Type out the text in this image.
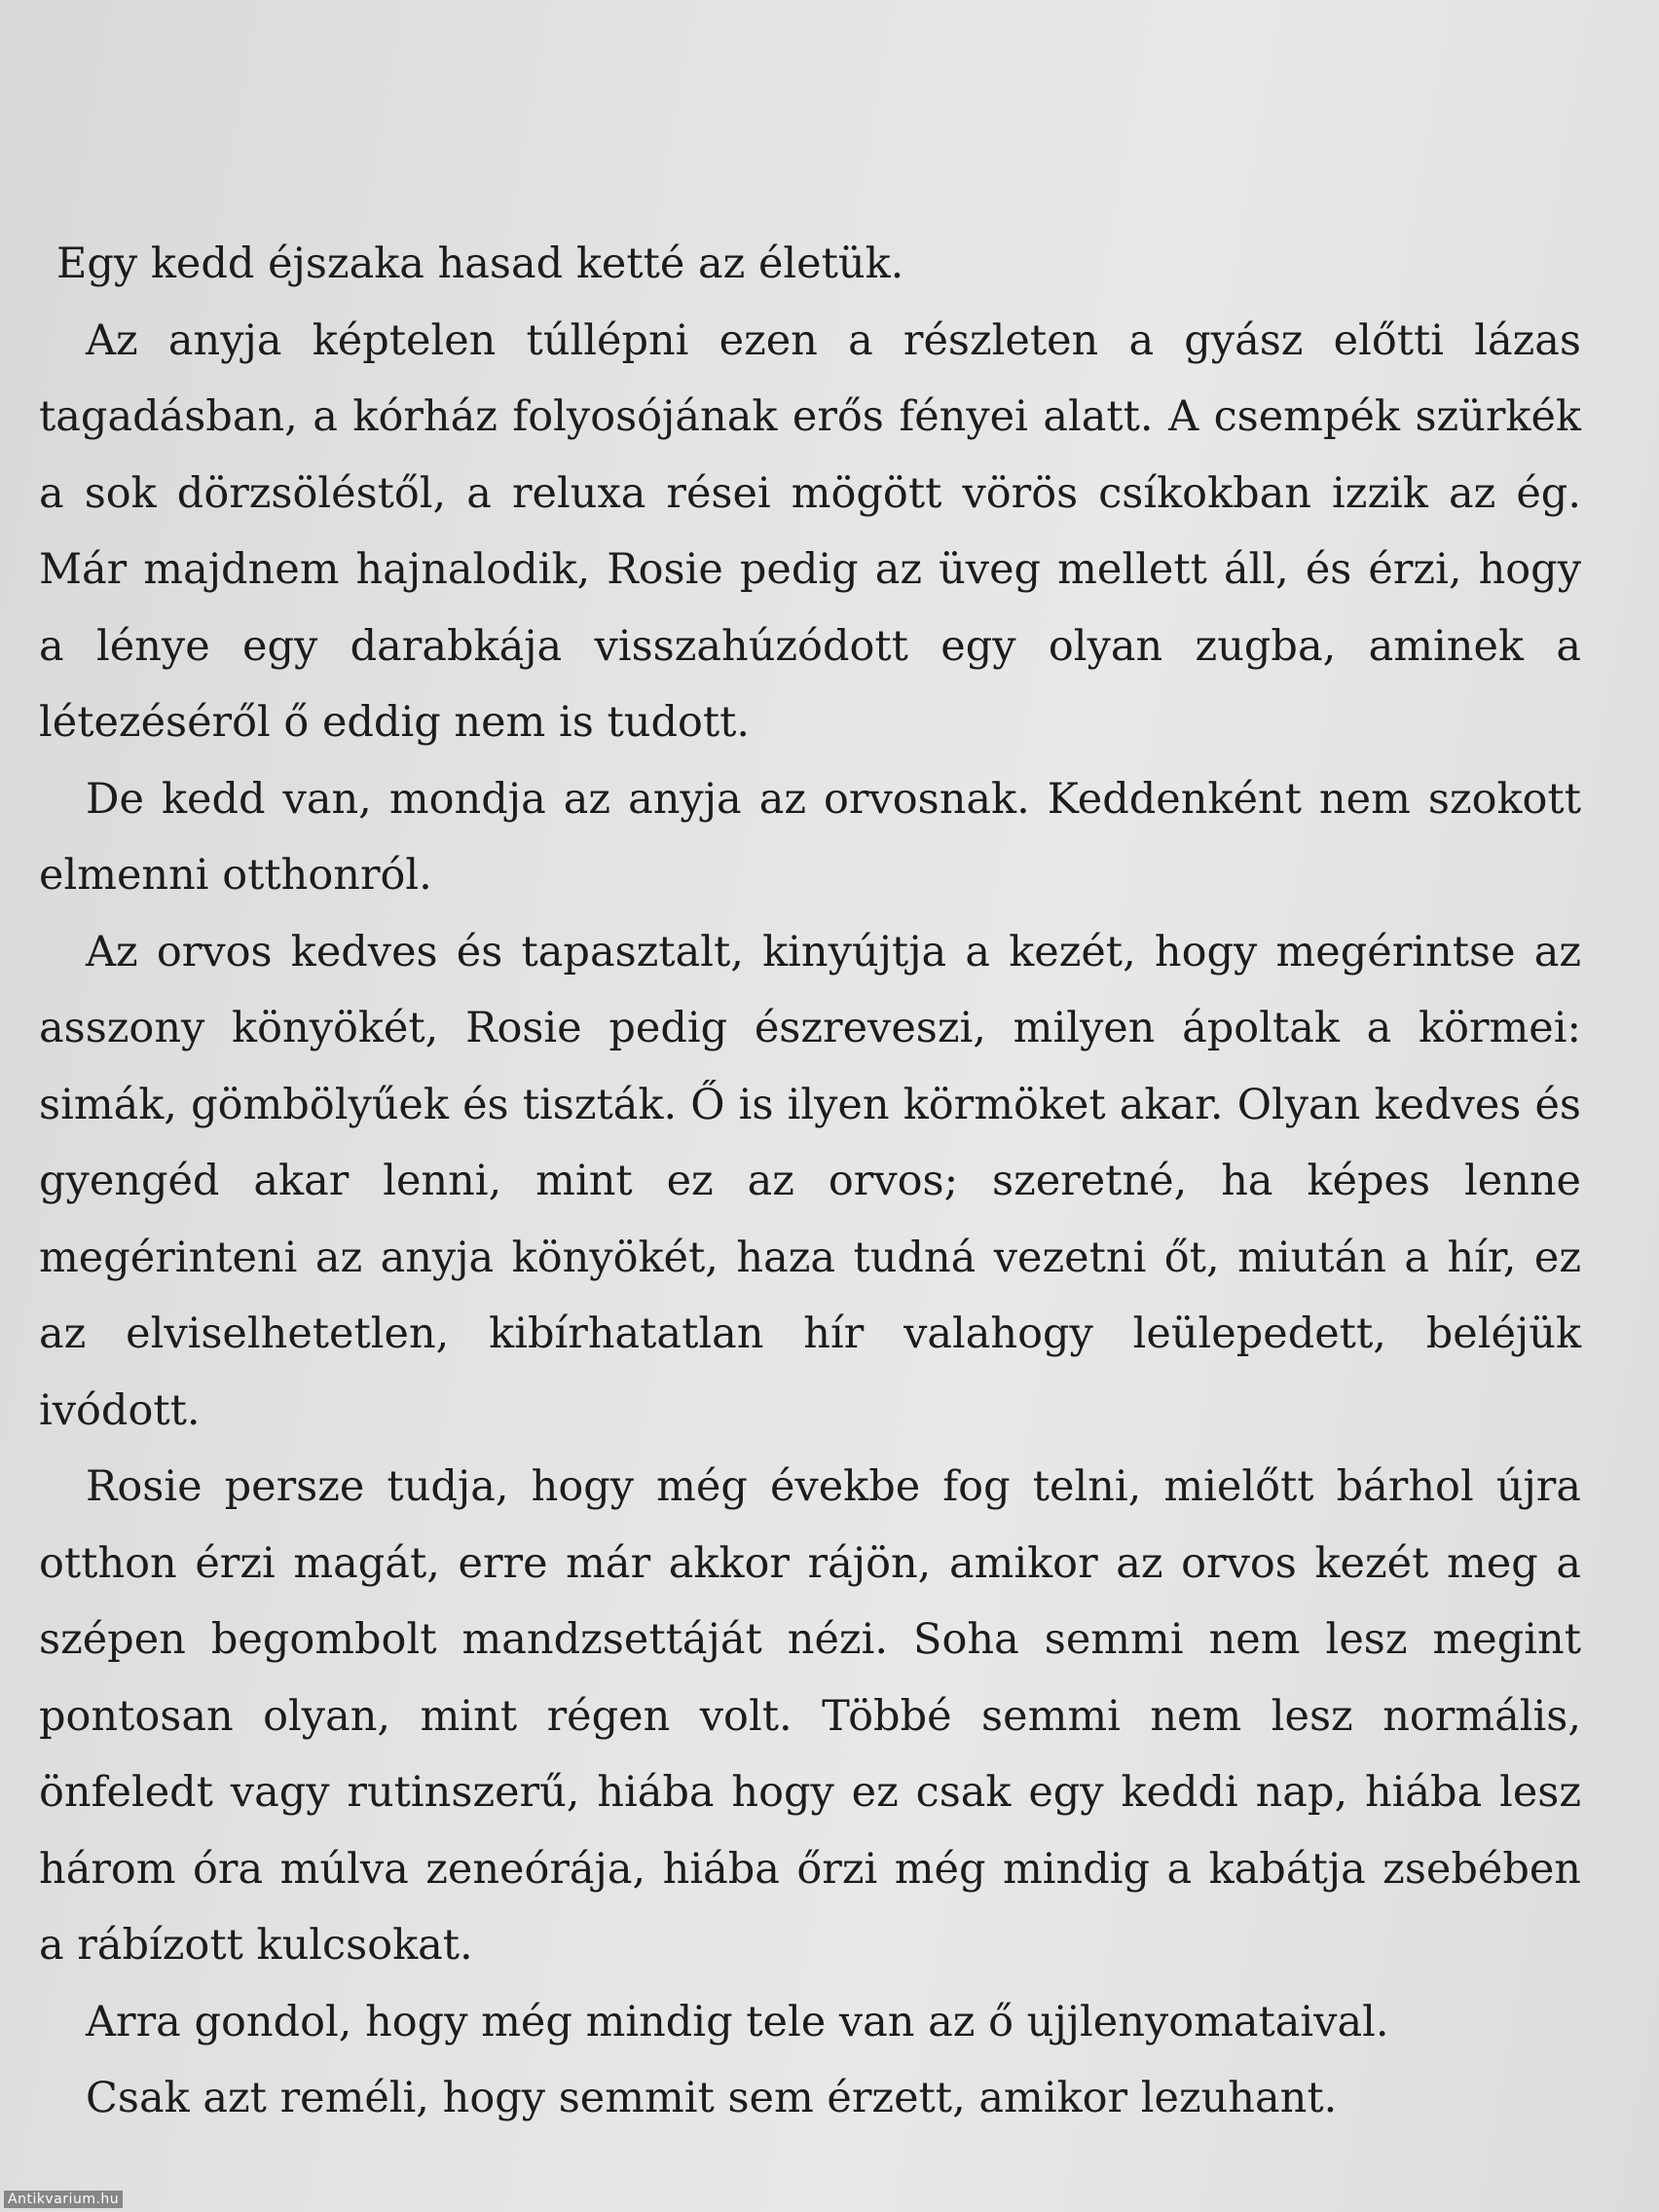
Egy kedd éjszaka hasad ketté az életük.

Az anyja képtelen túllépni ezen a részleten a gyász előtti lázas tagadásban, a kórház folyosójának erős fényei alatt. A csempék szürkék a sok dörzsöléstől, a reluxa rései mögött vörös csíkokban izzik az ég. Már majdnem hajnalodik, Rosie pedig az üveg mellett áll, és érzi, hogy a lénye egy darabkája visszahúzódott egy olyan zugba, aminek a létezéséről ő eddig nem is tudott.

De kedd van, mondja az anyja az orvosnak. Keddenként nem szokott elmenni otthonról.

Az orvos kedves és tapasztalt, kinyújtja a kezét, hogy megérintse az asszony könyökét, Rosie pedig észreveszi, milyen ápoltak a körmei: simák, gömbölyűek és tiszták. Ő is ilyen körmöket akar. Olyan kedves és gyengéd akar lenni, mint ez az orvos; szeretné, ha képes lenne megérinteni az anyja könyökét, haza tudná vezetni őt, miután a hír, ez az elviselhetetlen, kibírhatatlan hír valahogy leülepedett, beléjük ivódott.

Rosie persze tudja, hogy még évekbe fog telni, mielőtt bárhol újra otthon érzi magát, erre már akkor rájön, amikor az orvos kezét meg a szépen begombolt mandzsettáját nézi. Soha semmi nem lesz megint pontosan olyan, mint régen volt. Többé semmi nem lesz normális, önfeledt vagy rutinszerű, hiába hogy ez csak egy keddi nap, hiába lesz három óra múlva zeneórája, hiába őrzi még mindig a kabátja zsebében a rábízott kulcsokat.

Arra gondol, hogy még mindig tele van az ő ujjlenyomataival.

Csak azt reméli, hogy semmit sem érzett, amikor lezuhant.

Antikvarium.hu
